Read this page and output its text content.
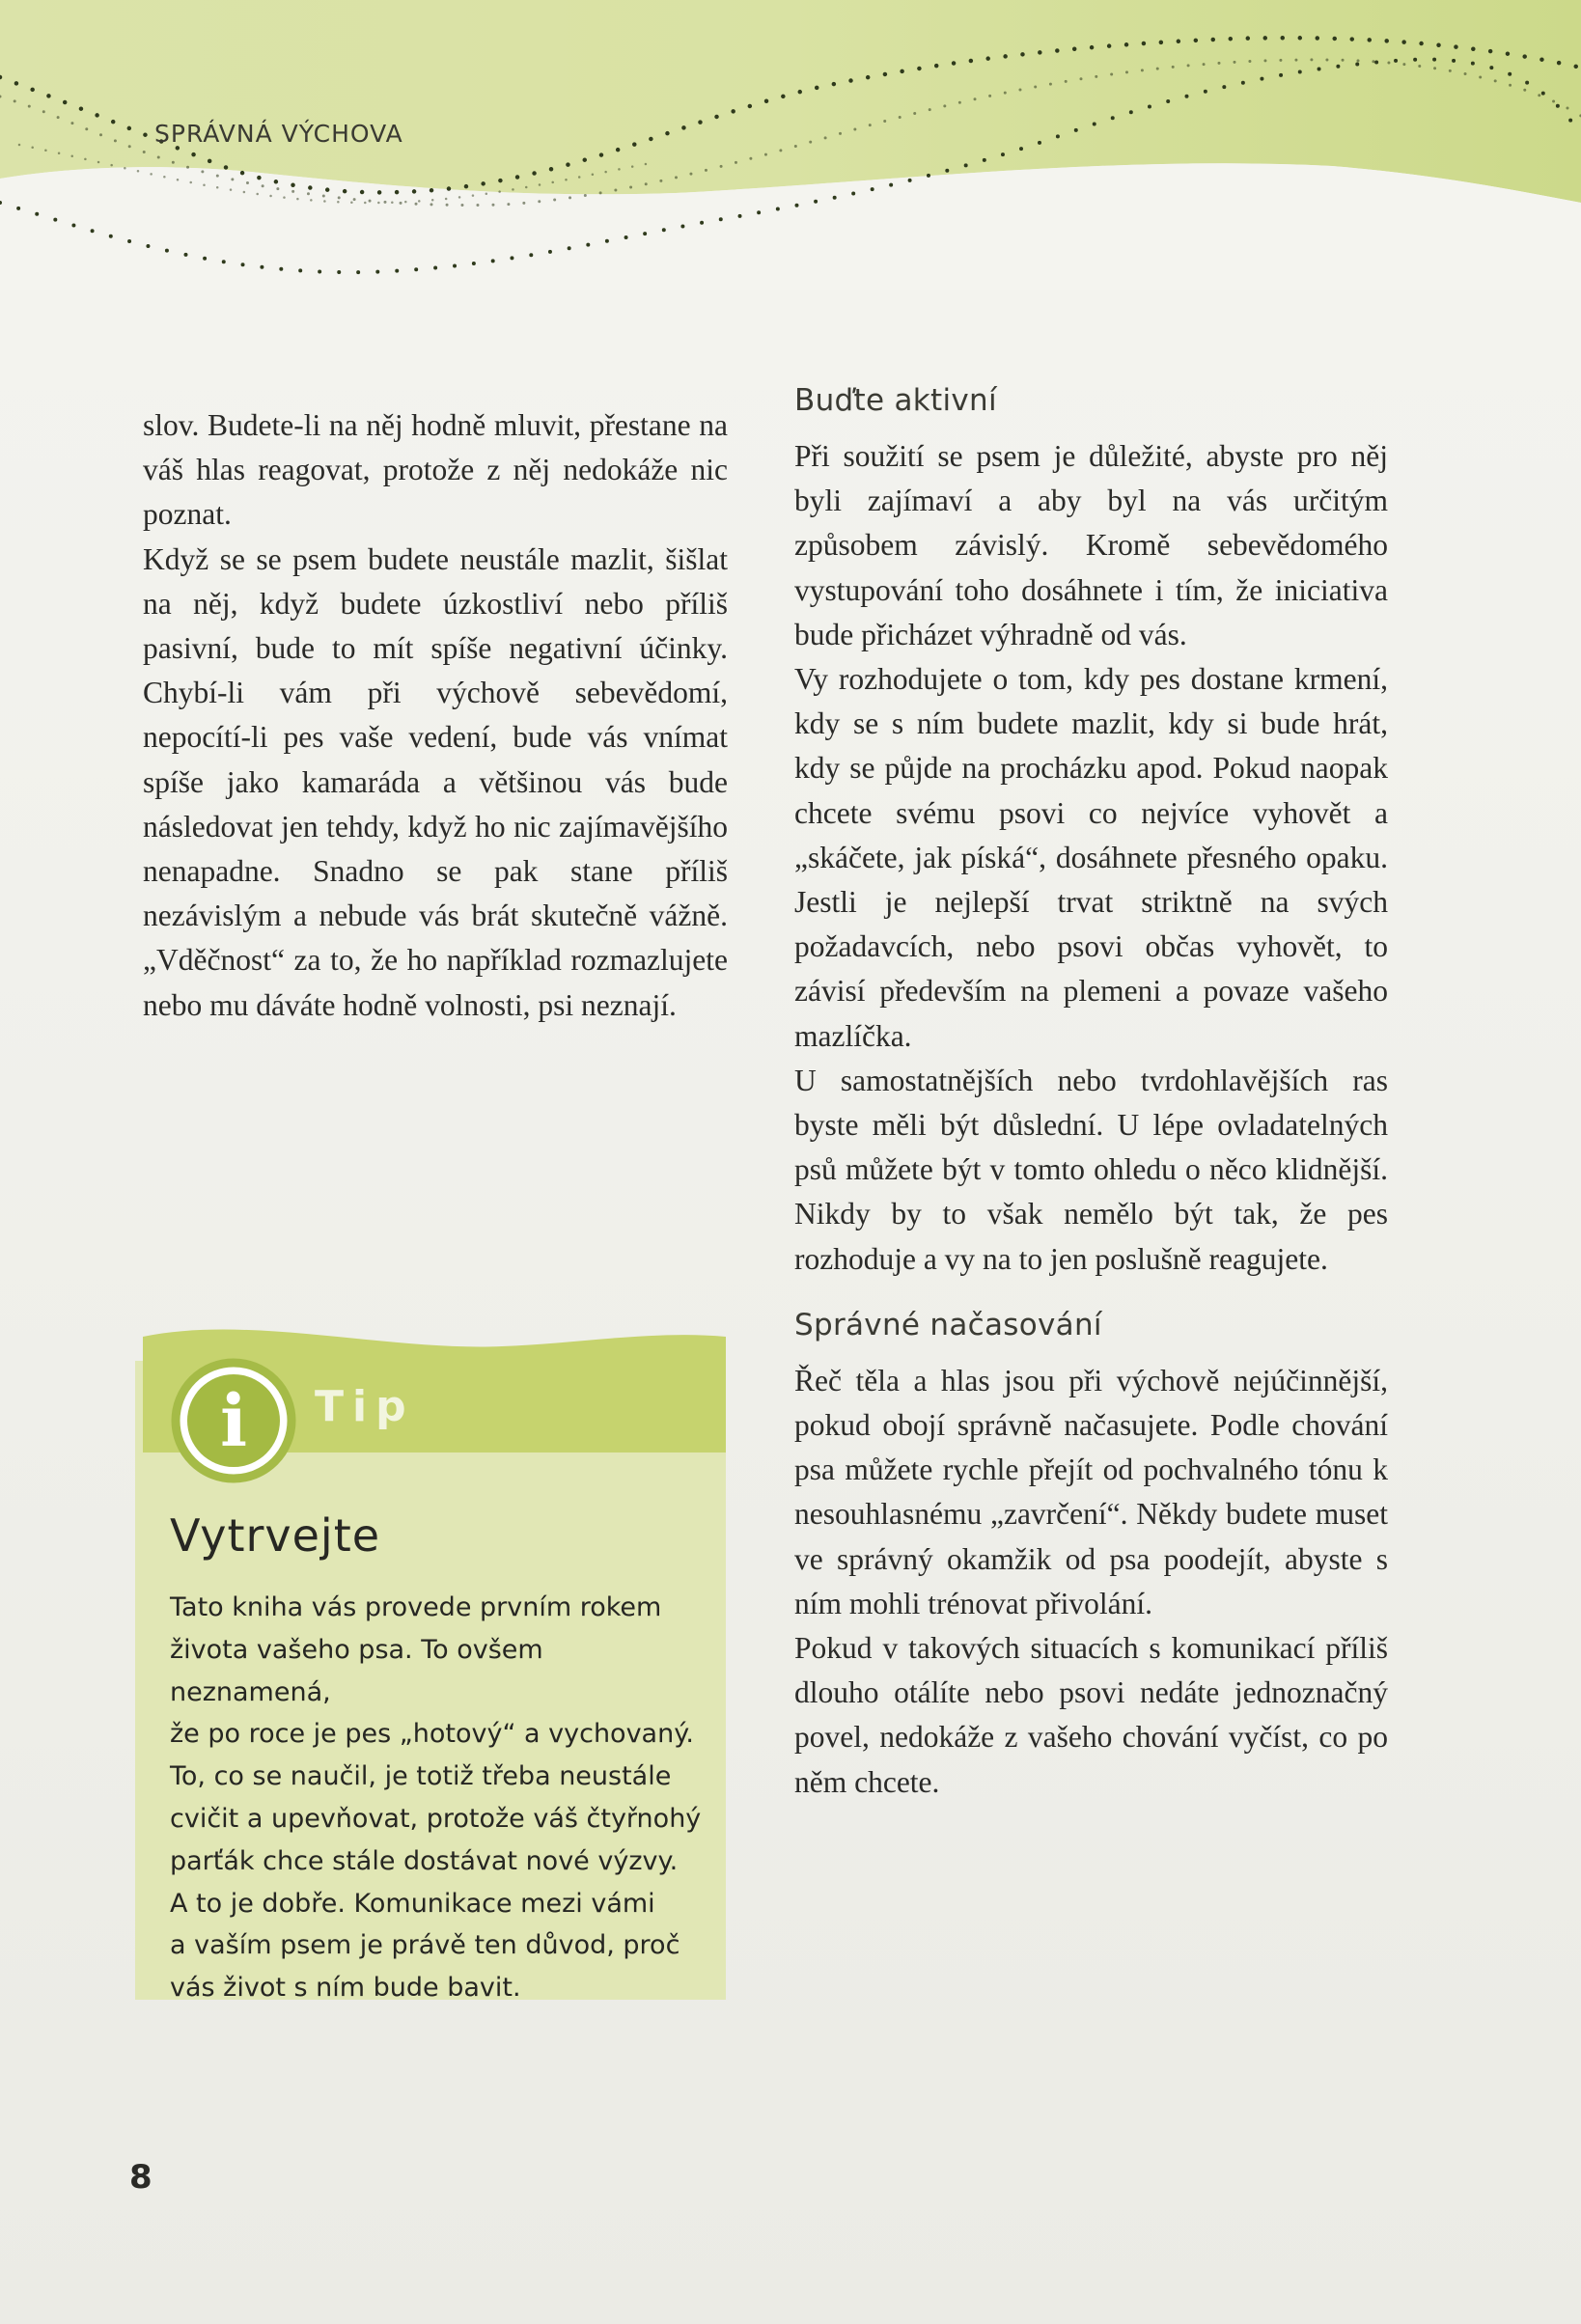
SPRÁVNÁ VÝCHOVA

slov. Budete-li na něj hodně mluvit, přestane na váš hlas reagovat, protože z něj nedokáže nic poznat.

Když se se psem budete neustále mazlit, šišlat na něj, když budete úzkostliví nebo příliš pasivní, bude to mít spíše negativní účinky. Chybí-li vám při výchově sebevědomí, nepocítí-li pes vaše vedení, bude vás vnímat spíše jako kamaráda a většinou vás bude následovat jen tehdy, když ho nic zajímavějšího nenapadne. Snadno se pak stane příliš nezávislým a nebude vás brát skutečně vážně. „Vděčnost“ za to, že ho například rozmazlujete nebo mu dáváte hodně volnosti, psi neznají.

Buďte aktivní

Při soužití se psem je důležité, abyste pro něj byli zajímaví a aby byl na vás určitým způsobem závislý. Kromě sebevědomého vystupování toho dosáhnete i tím, že iniciativa bude přicházet výhradně od vás.

Vy rozhodujete o tom, kdy pes dostane krmení, kdy se s ním budete mazlit, kdy si bude hrát, kdy se půjde na procházku apod. Pokud naopak chcete svému psovi co nejvíce vyhovět a „skáčete, jak píská“, dosáhnete přesného opaku. Jestli je nejlepší trvat striktně na svých požadavcích, nebo psovi občas vyhovět, to závisí především na plemeni a povaze vašeho mazlíčka.

U samostatnějších nebo tvrdohlavějších ras byste měli být důslední. U lépe ovladatelných psů můžete být v tomto ohledu o něco klidnější. Nikdy by to však nemělo být tak, že pes rozhoduje a vy na to jen poslušně reagujete.

Správné načasování

Řeč těla a hlas jsou při výchově nejúčinnější, pokud obojí správně načasujete. Podle chování psa můžete rychle přejít od pochvalného tónu k nesouhlasnému „zavrčení“. Někdy budete muset ve správný okamžik od psa poodejít, abyste s ním mohli trénovat přivolání.

Pokud v takových situacích s komunikací příliš dlouho otálíte nebo psovi nedáte jednoznačný povel, nedokáže z vašeho chování vyčíst, co po něm chcete.

i Tip
Vytrvejte
Tato kniha vás provede prvním rokem
života vašeho psa. To ovšem neznamená,
že po roce je pes „hotový“ a vychovaný.
To, co se naučil, je totiž třeba neustále
cvičit a upevňovat, protože váš čtyřnohý
parťák chce stále dostávat nové výzvy.
A to je dobře. Komunikace mezi vámi
a vaším psem je právě ten důvod, proč
vás život s ním bude bavit.
8
